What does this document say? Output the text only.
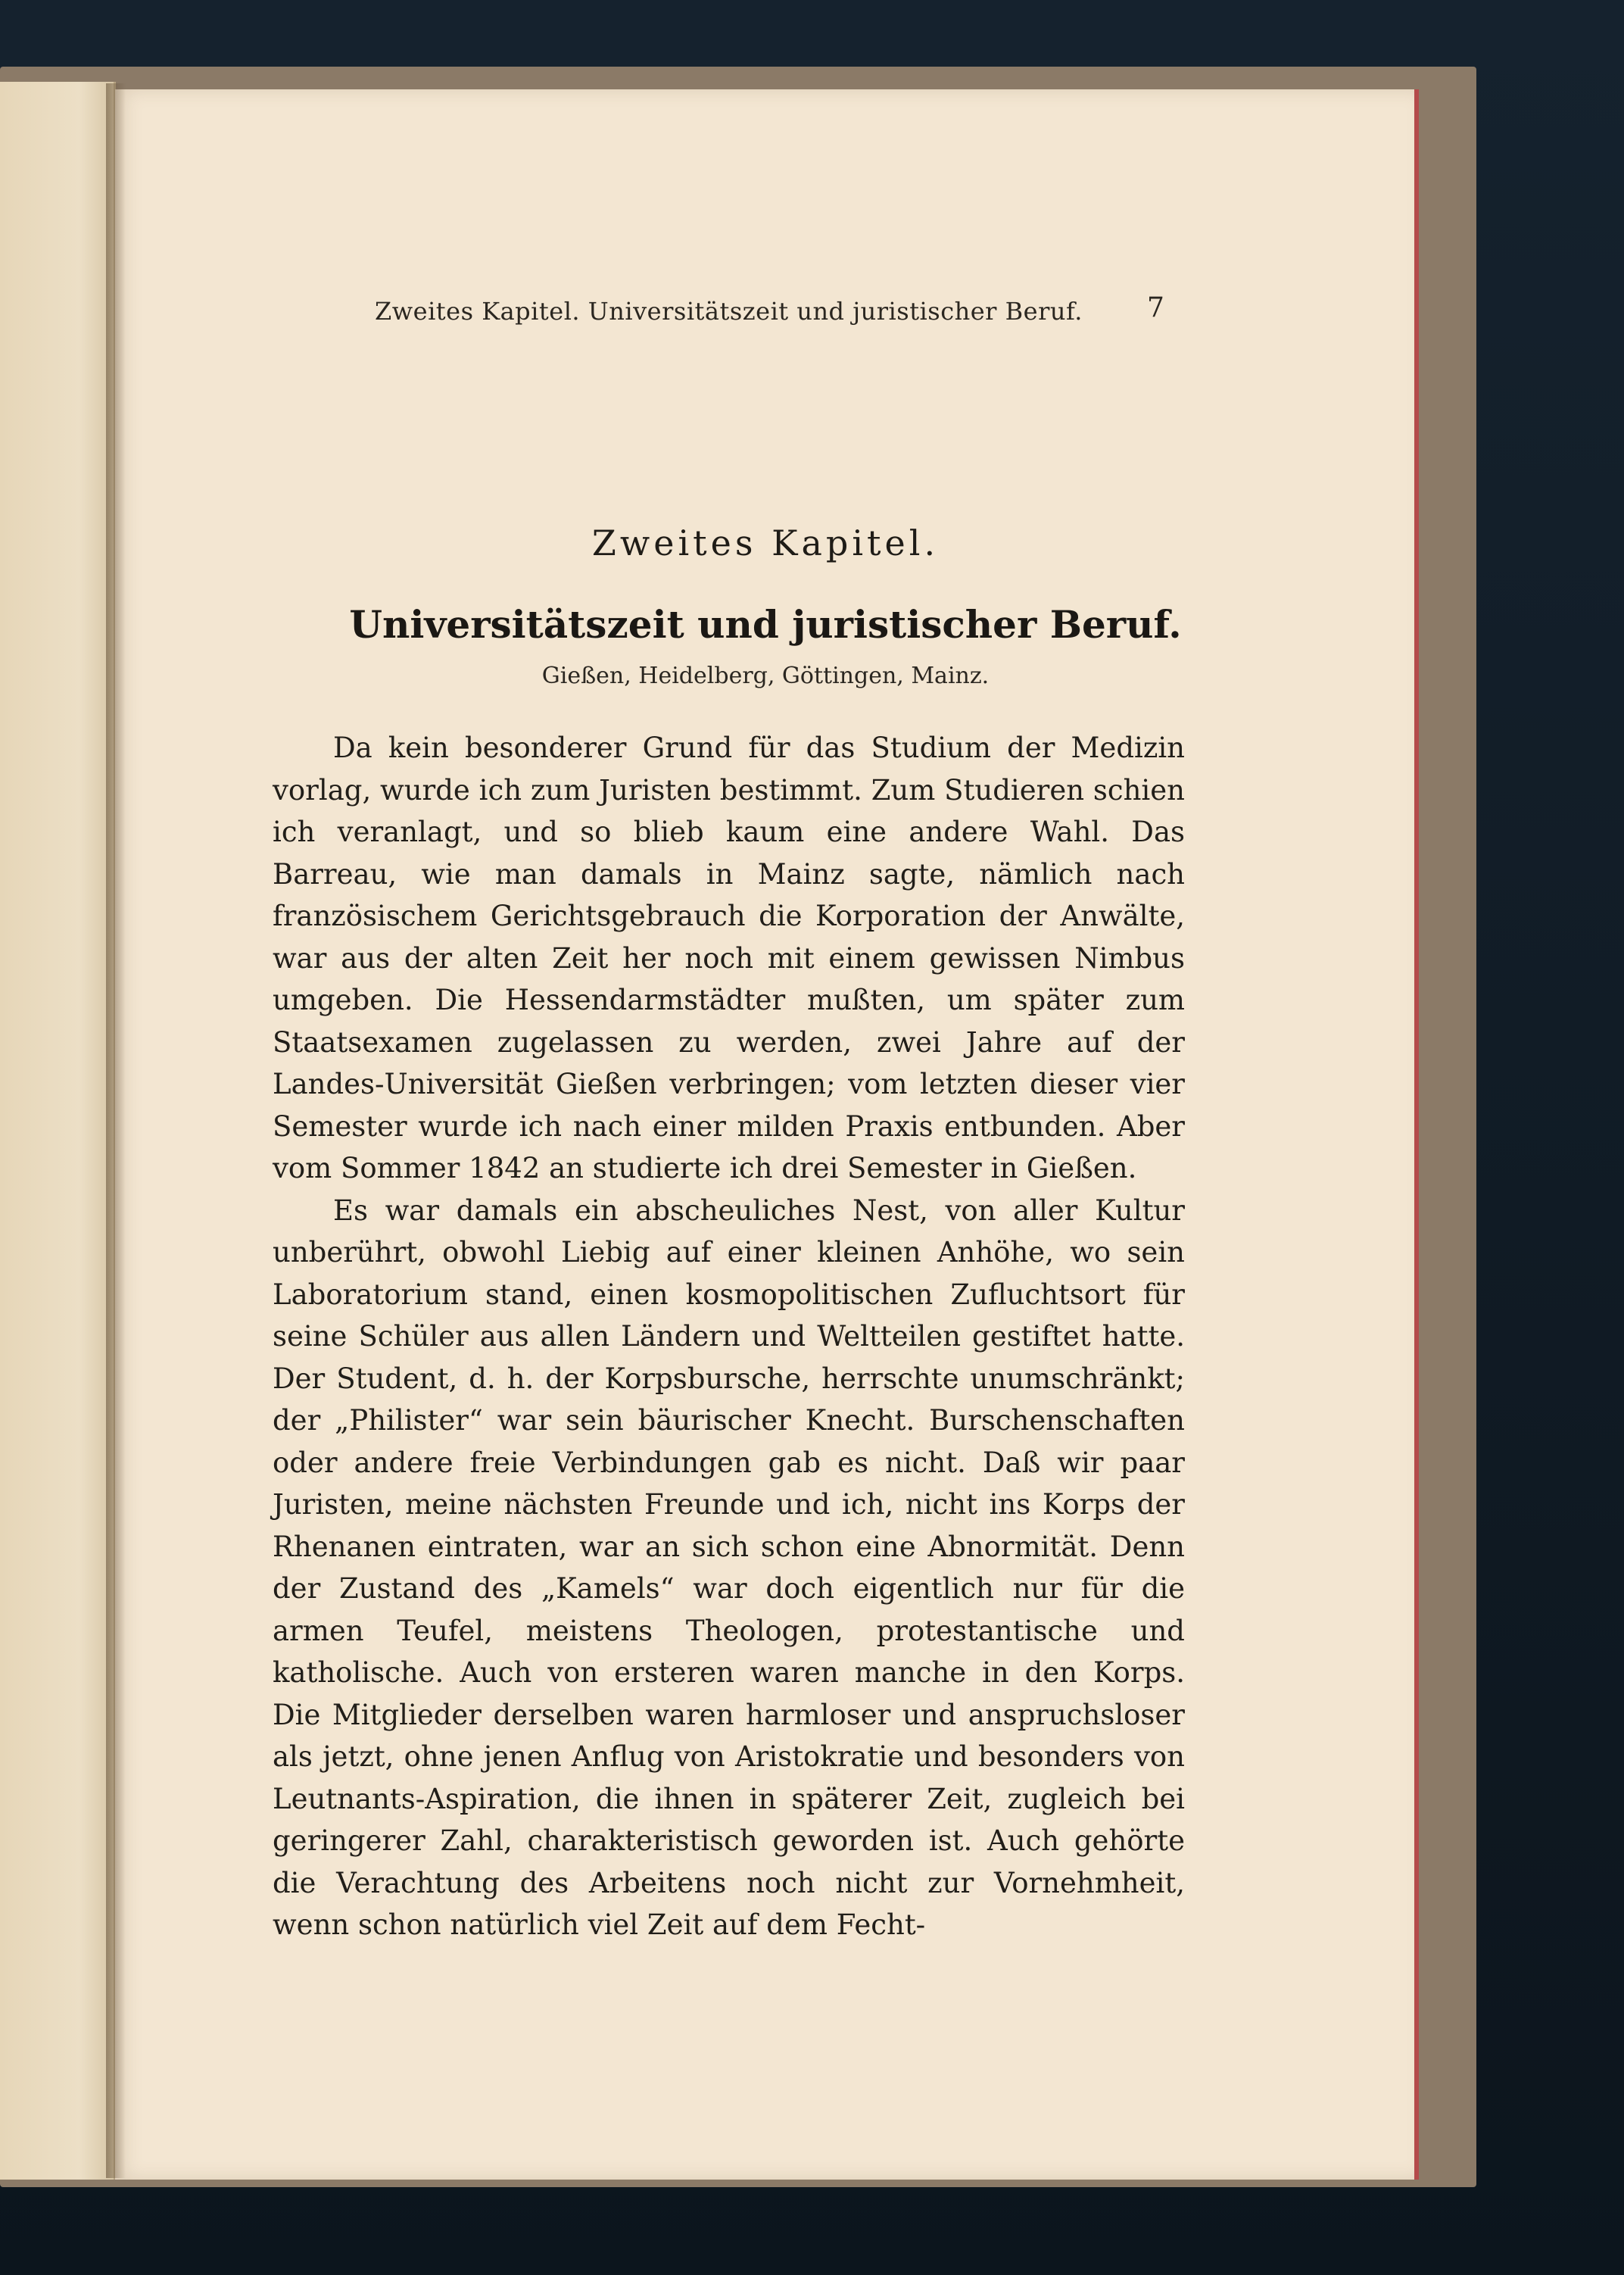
Zweites Kapitel. Universitätszeit und juristischer Beruf.	7
Zweites Kapitel.
Universitätszeit und juristischer Beruf.
Gießen, Heidelberg, Göttingen, Mainz.

Da kein besonderer Grund für das Studium der Medizin vorlag, wurde ich zum Juristen bestimmt. Zum Studieren schien ich veranlagt, und so blieb kaum eine andere Wahl. Das Barreau, wie man damals in Mainz sagte, nämlich nach französischem Gerichtsgebrauch die Korporation der Anwälte, war aus der alten Zeit her noch mit einem gewissen Nimbus umgeben. Die Hessendarmstädter mußten, um später zum Staatsexamen zugelassen zu werden, zwei Jahre auf der Landes-Universität Gießen verbringen; vom letzten dieser vier Semester wurde ich nach einer milden Praxis entbunden. Aber vom Sommer 1842 an studierte ich drei Semester in Gießen.

Es war damals ein abscheuliches Nest, von aller Kultur unberührt, obwohl Liebig auf einer kleinen Anhöhe, wo sein Laboratorium stand, einen kosmopolitischen Zufluchtsort für seine Schüler aus allen Ländern und Weltteilen gestiftet hatte. Der Student, d. h. der Korpsbursche, herrschte unumschränkt; der „Philister“ war sein bäurischer Knecht. Burschenschaften oder andere freie Verbindungen gab es nicht. Daß wir paar Juristen, meine nächsten Freunde und ich, nicht ins Korps der Rhenanen eintraten, war an sich schon eine Abnormität. Denn der Zustand des „Kamels“ war doch eigentlich nur für die armen Teufel, meistens Theologen, protestantische und katholische. Auch von ersteren waren manche in den Korps. Die Mitglieder derselben waren harmloser und anspruchsloser als jetzt, ohne jenen Anflug von Aristokratie und besonders von Leutnants-Aspiration, die ihnen in späterer Zeit, zugleich bei geringerer Zahl, charakteristisch geworden ist. Auch gehörte die Verachtung des Arbeitens noch nicht zur Vornehmheit, wenn schon natürlich viel Zeit auf dem Fecht-
